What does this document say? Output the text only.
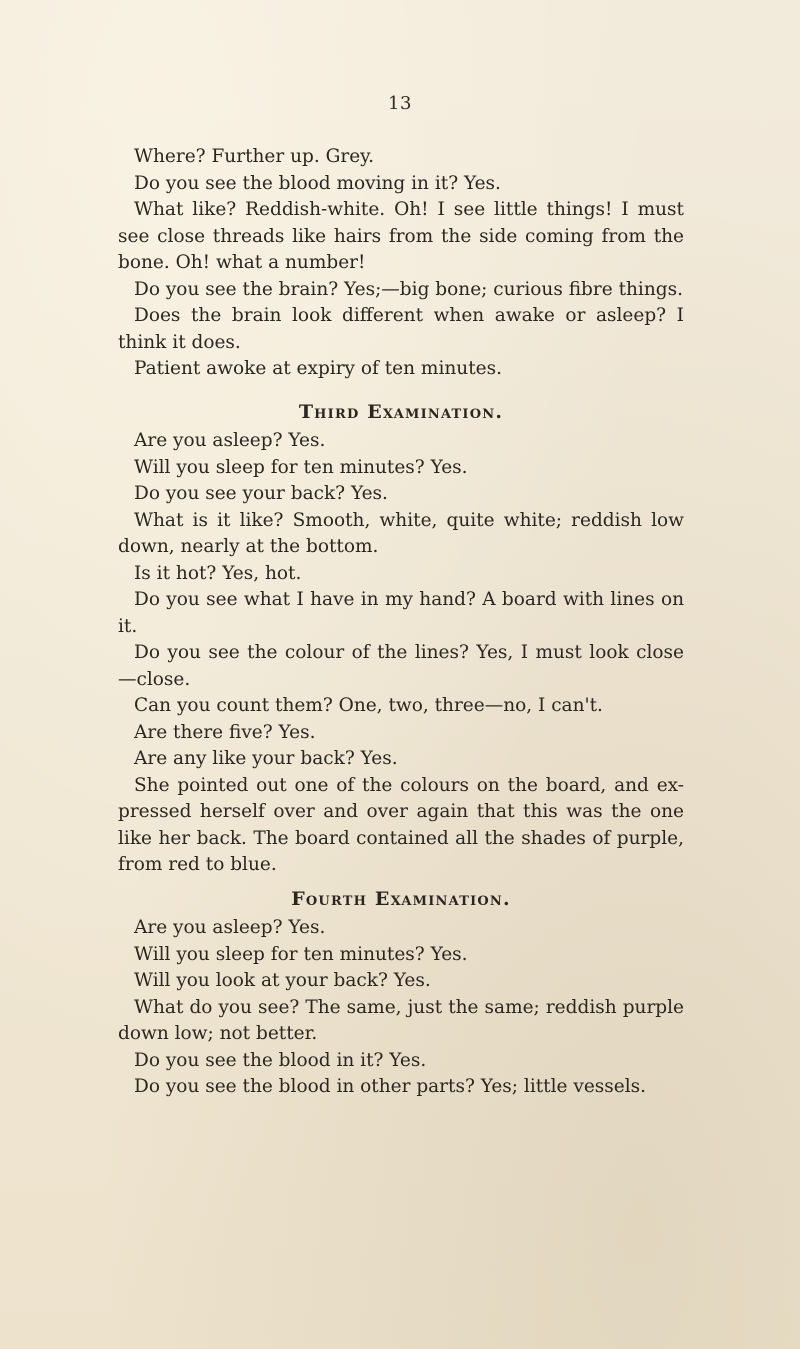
13

Where? Further up. Grey.

Do you see the blood moving in it? Yes.

What like? Reddish-white. Oh! I see little things! I must see close threads like hairs from the side coming from the bone. Oh! what a number!

Do you see the brain? Yes;—big bone; curious fibre things.

Does the brain look different when awake or asleep? I think it does.

Patient awoke at expiry of ten minutes.

Third Examination.

Are you asleep? Yes.

Will you sleep for ten minutes? Yes.

Do you see your back? Yes.

What is it like? Smooth, white, quite white; reddish low down, nearly at the bottom.

Is it hot? Yes, hot.

Do you see what I have in my hand? A board with lines on it.

Do you see the colour of the lines? Yes, I must look close —close.

Can you count them? One, two, three—no, I can't.

Are there five? Yes.

Are any like your back? Yes.

She pointed out one of the colours on the board, and ex-pressed herself over and over again that this was the one like her back. The board contained all the shades of purple, from red to blue.

Fourth Examination.

Are you asleep? Yes.

Will you sleep for ten minutes? Yes.

Will you look at your back? Yes.

What do you see? The same, just the same; reddish purple down low; not better.

Do you see the blood in it? Yes.

Do you see the blood in other parts? Yes; little vessels.
